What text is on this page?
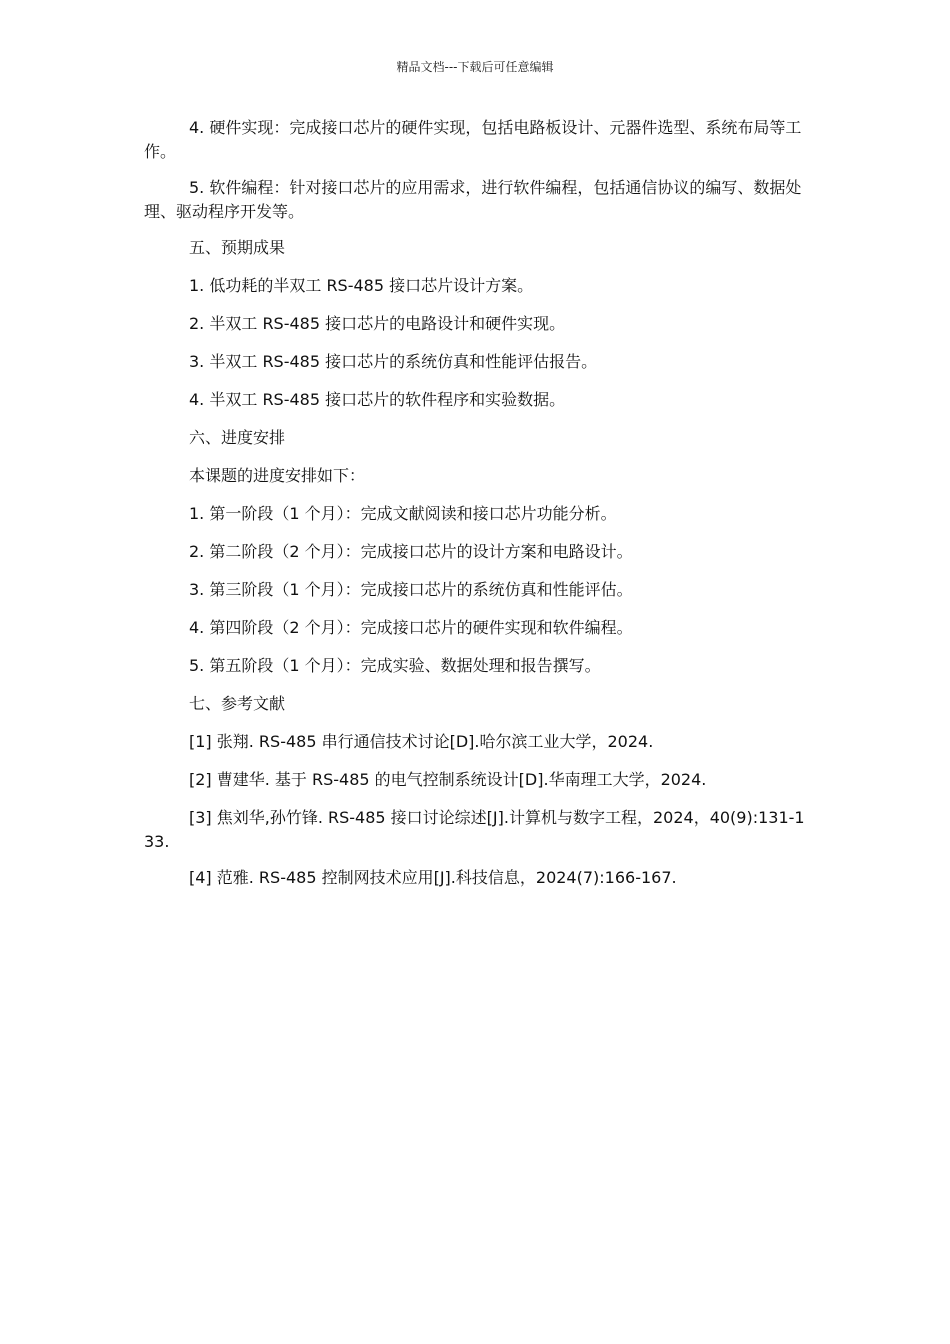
精品文档---下载后可任意编辑

4. 硬件实现：完成接口芯片的硬件实现，包括电路板设计、元器件选型、系统布局等工作。

5. 软件编程：针对接口芯片的应用需求，进行软件编程，包括通信协议的编写、数据处理、驱动程序开发等。

五、预期成果

1. 低功耗的半双工 RS-485 接口芯片设计方案。

2. 半双工 RS-485 接口芯片的电路设计和硬件实现。

3. 半双工 RS-485 接口芯片的系统仿真和性能评估报告。

4. 半双工 RS-485 接口芯片的软件程序和实验数据。

六、进度安排

本课题的进度安排如下：

1. 第一阶段（1 个月）：完成文献阅读和接口芯片功能分析。

2. 第二阶段（2 个月）：完成接口芯片的设计方案和电路设计。

3. 第三阶段（1 个月）：完成接口芯片的系统仿真和性能评估。

4. 第四阶段（2 个月）：完成接口芯片的硬件实现和软件编程。

5. 第五阶段（1 个月）：完成实验、数据处理和报告撰写。

七、参考文献

[1] 张翔. RS-485 串行通信技术讨论[D].哈尔滨工业大学，2024.

[2] 曹建华. 基于 RS-485 的电气控制系统设计[D].华南理工大学，2024.

[3] 焦刘华,孙竹锋. RS-485 接口讨论综述[J].计算机与数字工程，2024，40(9):131-133.

[4] 范雅. RS-485 控制网技术应用[J].科技信息，2024(7):166-167.
